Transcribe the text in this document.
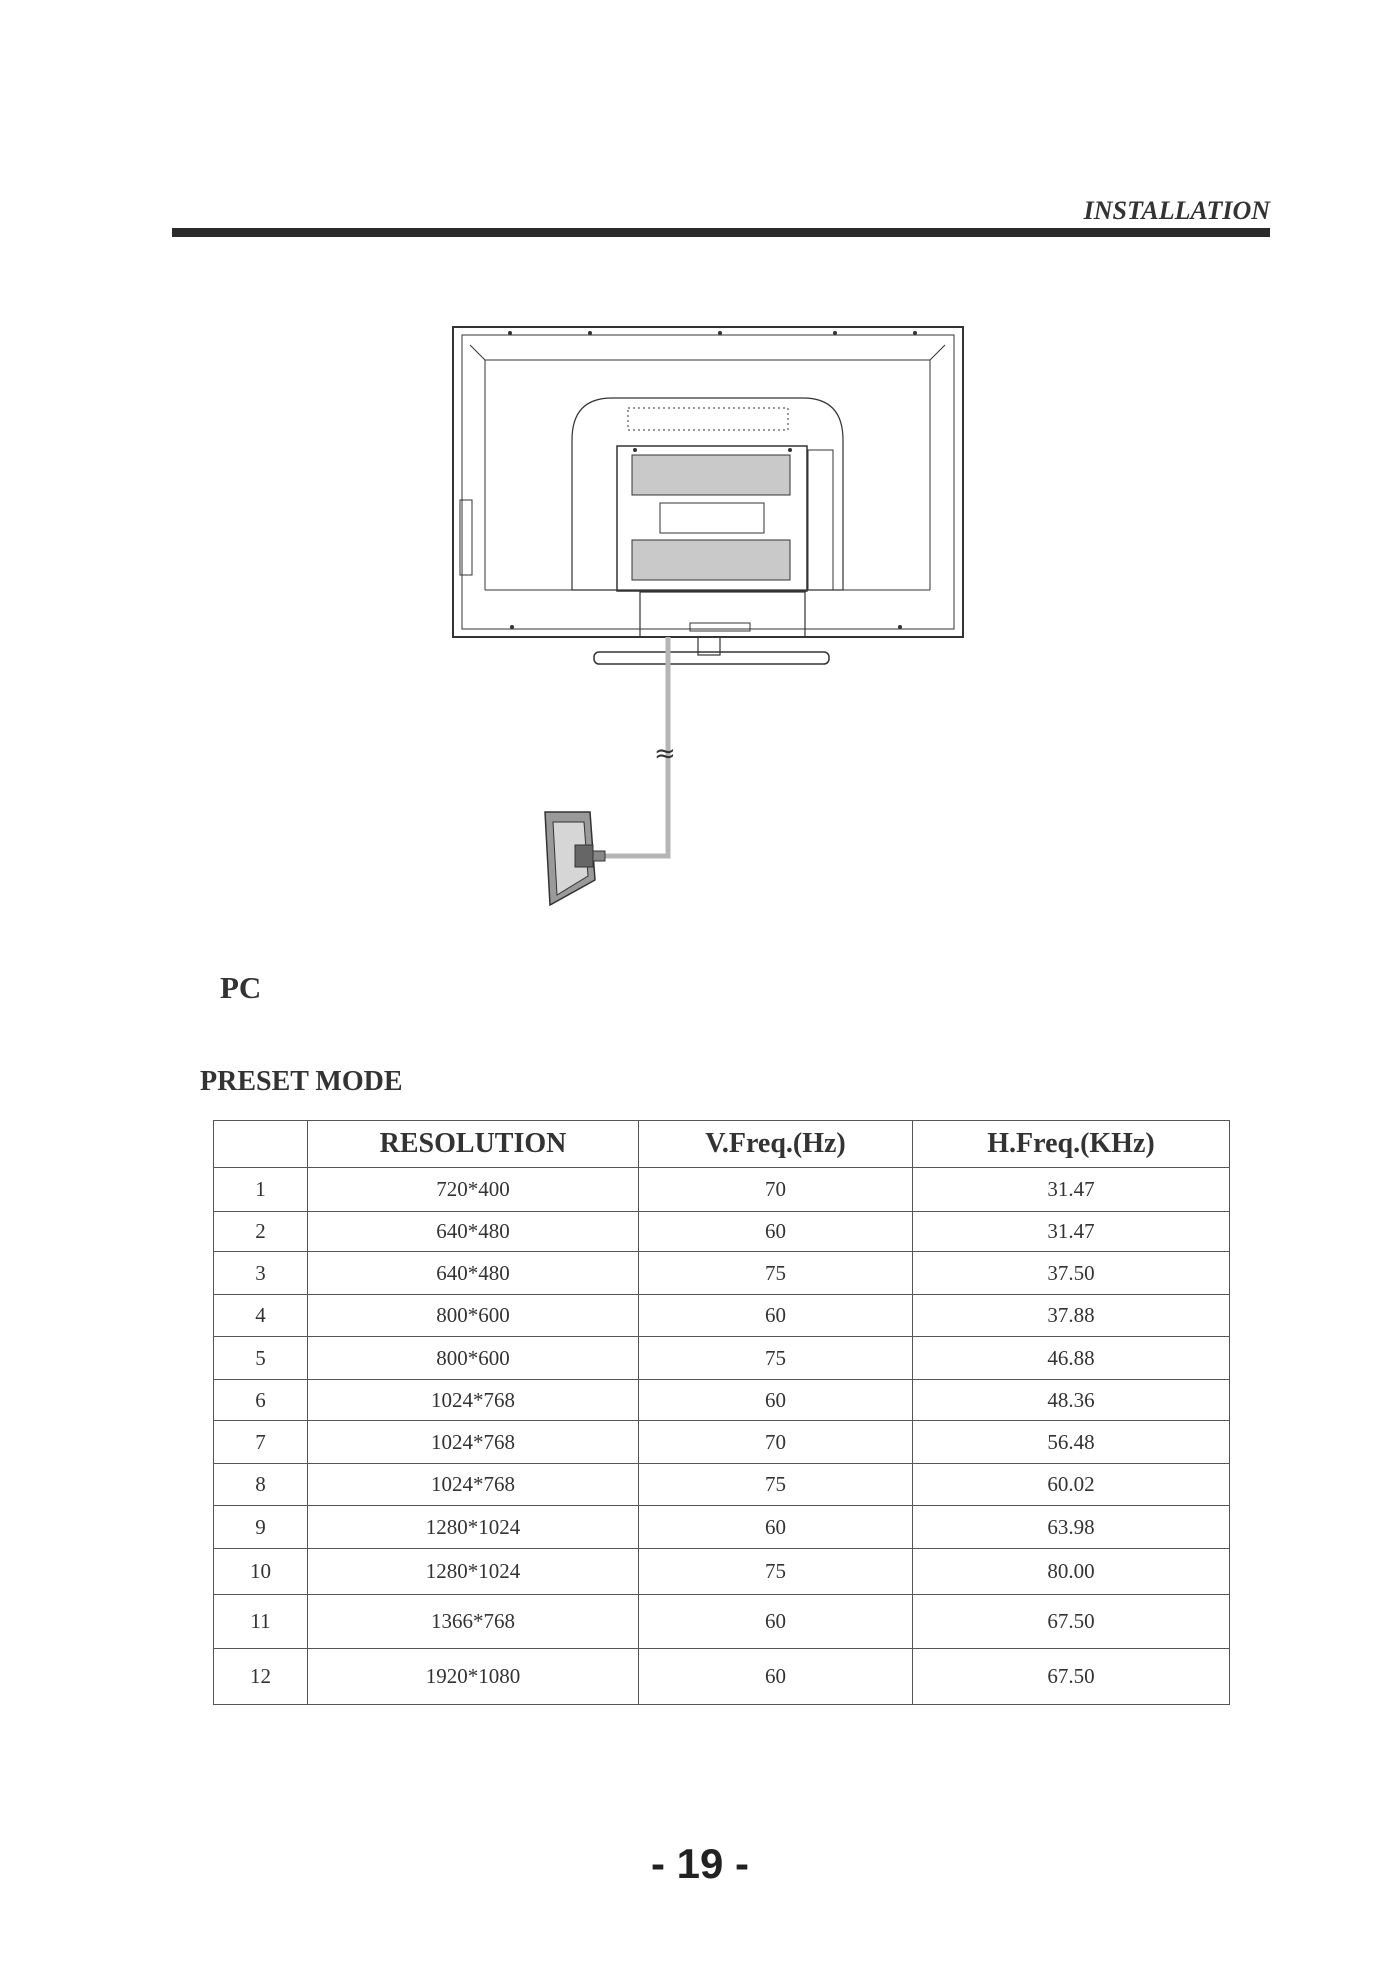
INSTALLATION
≈
PC
PRESET MODE
	RESOLUTION	V.Freq.(Hz)	H.Freq.(KHz)
1	720*400	70	31.47
2	640*480	60	31.47
3	640*480	75	37.50
4	800*600	60	37.88
5	800*600	75	46.88
6	1024*768	60	48.36
7	1024*768	70	56.48
8	1024*768	75	60.02
9	1280*1024	60	63.98
10	1280*1024	75	80.00
11	1366*768	60	67.50
12	1920*1080	60	67.50
- 19 -
